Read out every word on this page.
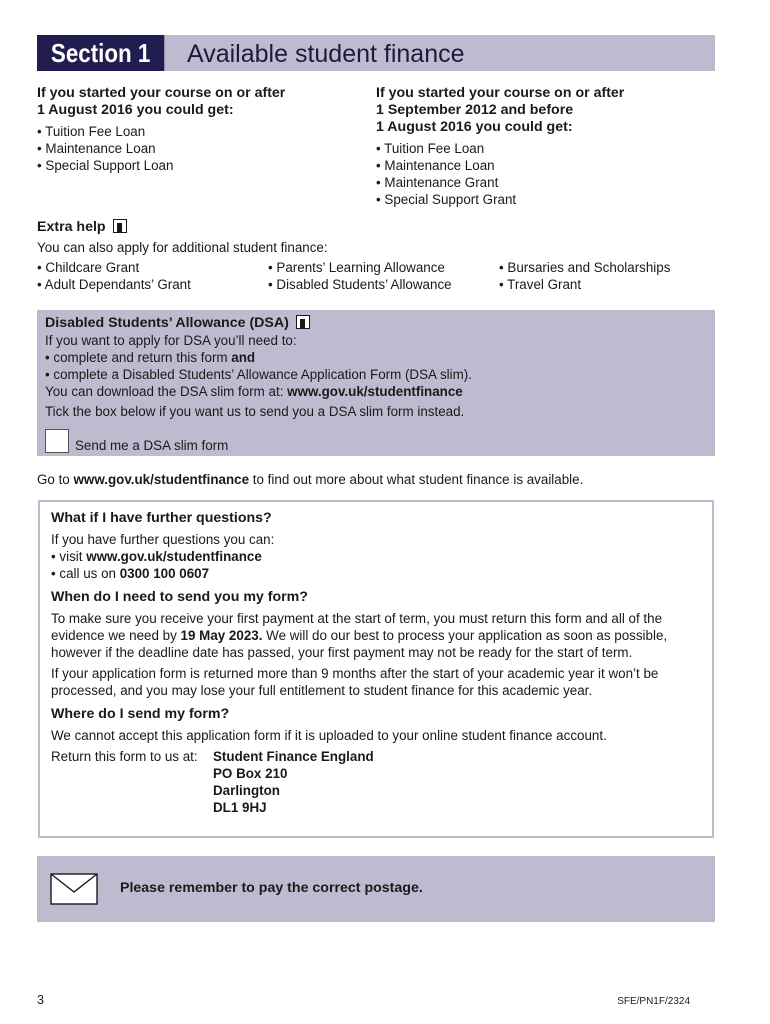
Section 1	Available student finance
If you started your course on or after
1 August 2016 you could get:
• Tuition Fee Loan
• Maintenance Loan
• Special Support Loan
If you started your course on or after
1 September 2012 and before
1 August 2016 you could get:
• Tuition Fee Loan
• Maintenance Loan
• Maintenance Grant
• Special Support Grant
Extra help
You can also apply for additional student finance:
• Childcare Grant	• Parents’ Learning Allowance	• Bursaries and Scholarships
• Adult Dependants’ Grant	• Disabled Students’ Allowance	• Travel Grant
Disabled Students’ Allowance (DSA)
If you want to apply for DSA you’ll need to:
• complete and return this form and
• complete a Disabled Students’ Allowance Application Form (DSA slim).
You can download the DSA slim form at: www.gov.uk/studentfinance
Tick the box below if you want us to send you a DSA slim form instead.
Send me a DSA slim form
Go to www.gov.uk/studentfinance to find out more about what student finance is available.
What if I have further questions?
If you have further questions you can:
• visit www.gov.uk/studentfinance
• call us on 0300 100 0607
When do I need to send you my form?

To make sure you receive your first payment at the start of term, you must return this form and all of the evidence we need by 19 May 2023. We will do our best to process your application as soon as possible, however if the deadline date has passed, your first payment may not be ready for the start of term.

If your application form is returned more than 9 months after the start of your academic year it won’t be processed, and you may lose your full entitlement to student finance for this academic year.

Where do I send my form?

We cannot accept this application form if it is uploaded to your online student finance account.

Return this form to us at:	Student Finance England
PO Box 210
Darlington
DL1 9HJ
Please remember to pay the correct postage.
3	SFE/PN1F/2324
